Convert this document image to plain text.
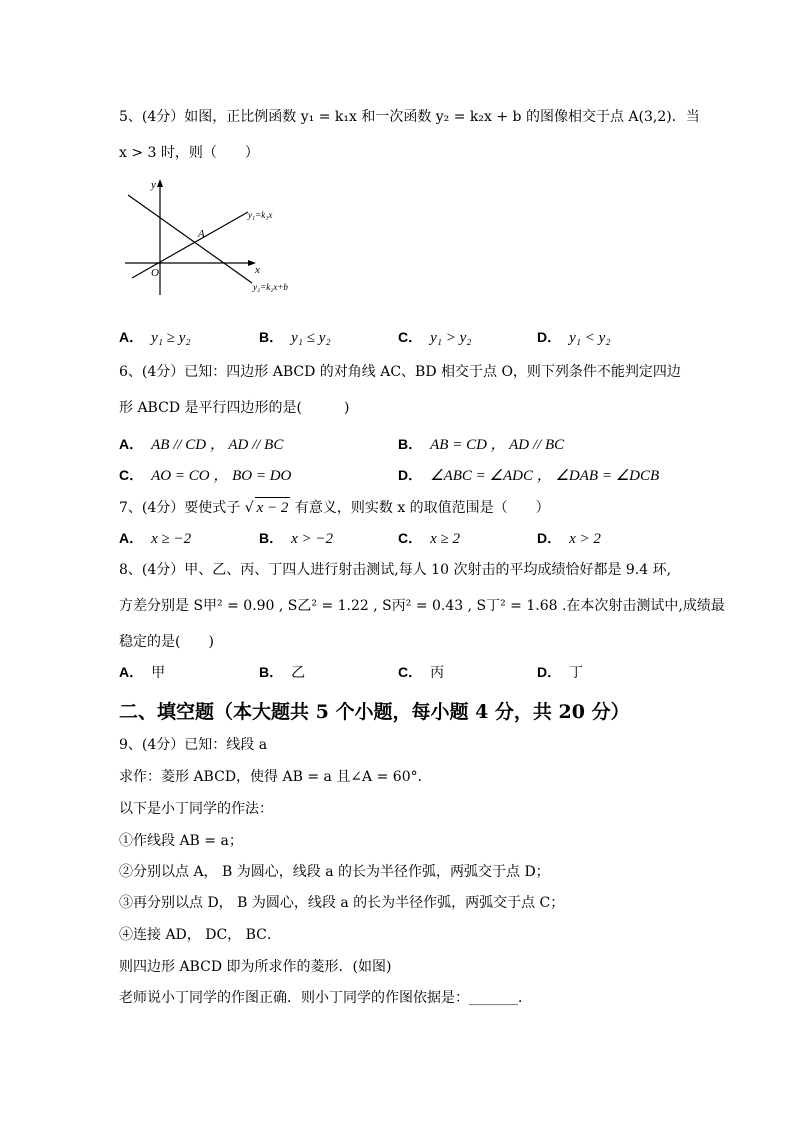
5、(4分）如图，正比例函数 y₁ = k₁x 和一次函数 y₂ = k₂x + b 的图像相交于点 A(3,2)．当
x > 3 时，则（　　）
y
x
O
A
y₁=k₁x
y₂=k₂x+b
A． y₁ ≥ y₂	B． y₁ ≤ y₂	C． y₁ > y₂	D． y₁ < y₂
6、(4分）已知：四边形 ABCD 的对角线 AC、BD 相交于点 O，则下列条件不能判定四边
形 ABCD 是平行四边形的是(　　　)
A． AB // CD ， AD // BC	B． AB = CD ， AD // BC
C． AO = CO ， BO = DO	D． ∠ABC = ∠ADC ， ∠DAB = ∠DCB
7、(4分）要使式子 √ x − 2 有意义，则实数 x 的取值范围是（　　）
A． x ≥ −2	B． x > −2	C． x ≥ 2	D． x > 2
8、(4分）甲、乙、丙、丁四人进行射击测试,每人 10 次射击的平均成绩恰好都是 9.4 环,
方差分别是 S甲² = 0.90 , S乙² = 1.22 , S丙² = 0.43 , S丁² = 1.68 .在本次射击测试中,成绩最
稳定的是(　　)
A． 甲	B． 乙	C． 丙	D． 丁
二、填空题（本大题共 5 个小题，每小题 4 分，共 20 分）
9、(4分）已知：线段 a
求作：菱形 ABCD，使得 AB = a 且∠A = 60°．
以下是小丁同学的作法：
①作线段 AB = a；
②分别以点 A， B 为圆心，线段 a 的长为半径作弧，两弧交于点 D；
③再分别以点 D， B 为圆心，线段 a 的长为半径作弧，两弧交于点 C；
④连接 AD， DC， BC．
则四边形 ABCD 即为所求作的菱形．(如图)
老师说小丁同学的作图正确．则小丁同学的作图依据是：_______．
